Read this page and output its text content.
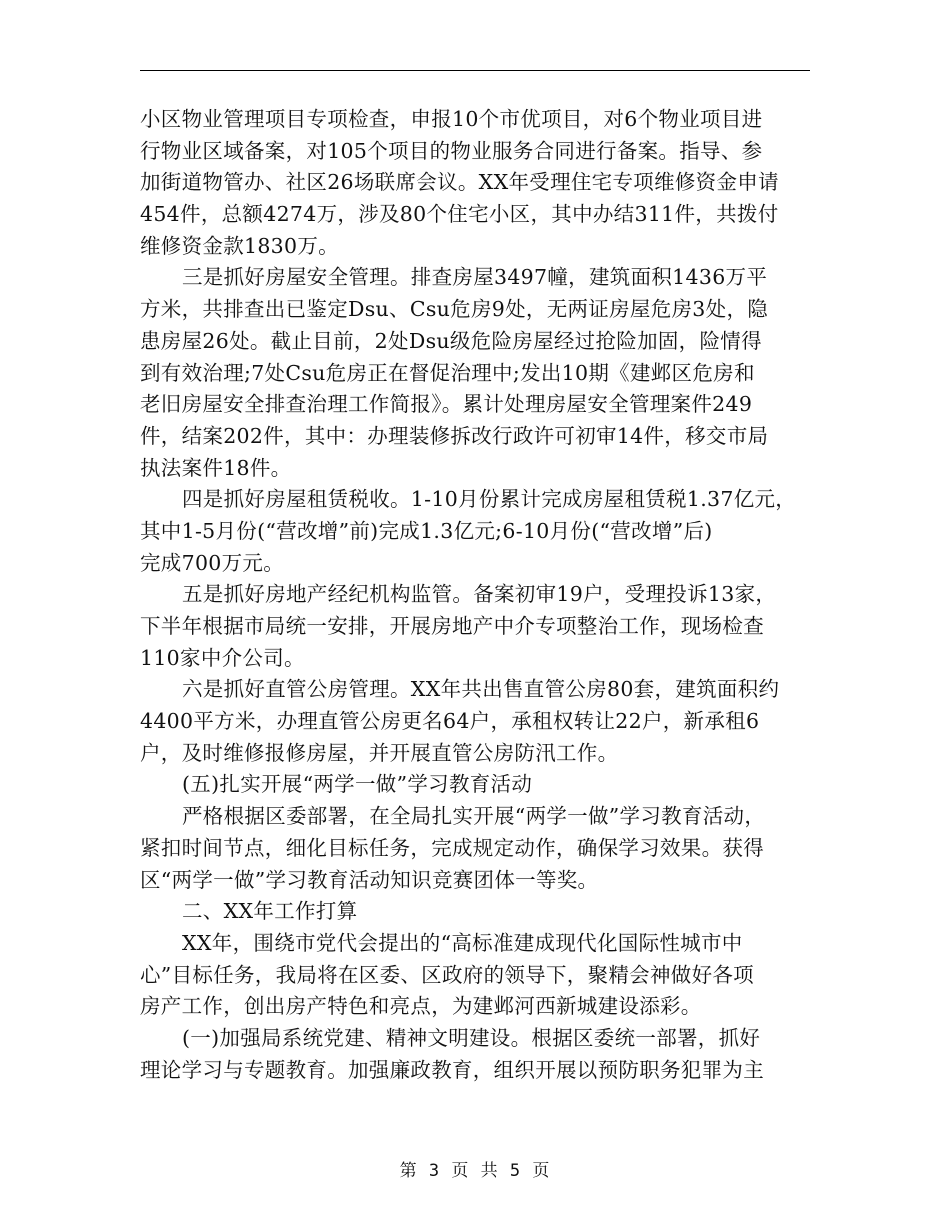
小区物业管理项目专项检查，申报10个市优项目，对6个物业项目进
行物业区域备案，对105个项目的物业服务合同进行备案。指导、参
加街道物管办、社区26场联席会议。XX年受理住宅专项维修资金申请
454件，总额4274万，涉及80个住宅小区，其中办结311件，共拨付
维修资金款1830万。
三是抓好房屋安全管理。排查房屋3497幢，建筑面积1436万平
方米，共排查出已鉴定Dsu、Csu危房9处，无两证房屋危房3处，隐
患房屋26处。截止目前，2处Dsu级危险房屋经过抢险加固，险情得
到有效治理;7处Csu危房正在督促治理中;发出10期《建邺区危房和
老旧房屋安全排查治理工作简报》。累计处理房屋安全管理案件249
件，结案202件，其中：办理装修拆改行政许可初审14件，移交市局
执法案件18件。
四是抓好房屋租赁税收。1-10月份累计完成房屋租赁税1.37亿元，
其中1-5月份(“营改增”前)完成1.3亿元;6-10月份(“营改增”后)
完成700万元。
五是抓好房地产经纪机构监管。备案初审19户，受理投诉13家，
下半年根据市局统一安排，开展房地产中介专项整治工作，现场检查
110家中介公司。
六是抓好直管公房管理。XX年共出售直管公房80套，建筑面积约
4400平方米，办理直管公房更名64户，承租权转让22户，新承租6
户，及时维修报修房屋，并开展直管公房防汛工作。
(五)扎实开展“两学一做”学习教育活动
严格根据区委部署，在全局扎实开展“两学一做”学习教育活动，
紧扣时间节点，细化目标任务，完成规定动作，确保学习效果。获得
区“两学一做”学习教育活动知识竞赛团体一等奖。
二、XX年工作打算
XX年，围绕市党代会提出的“高标准建成现代化国际性城市中
心”目标任务，我局将在区委、区政府的领导下，聚精会神做好各项
房产工作，创出房产特色和亮点，为建邺河西新城建设添彩。
(一)加强局系统党建、精神文明建设。根据区委统一部署，抓好
理论学习与专题教育。加强廉政教育，组织开展以预防职务犯罪为主
第 3 页 共 5 页
